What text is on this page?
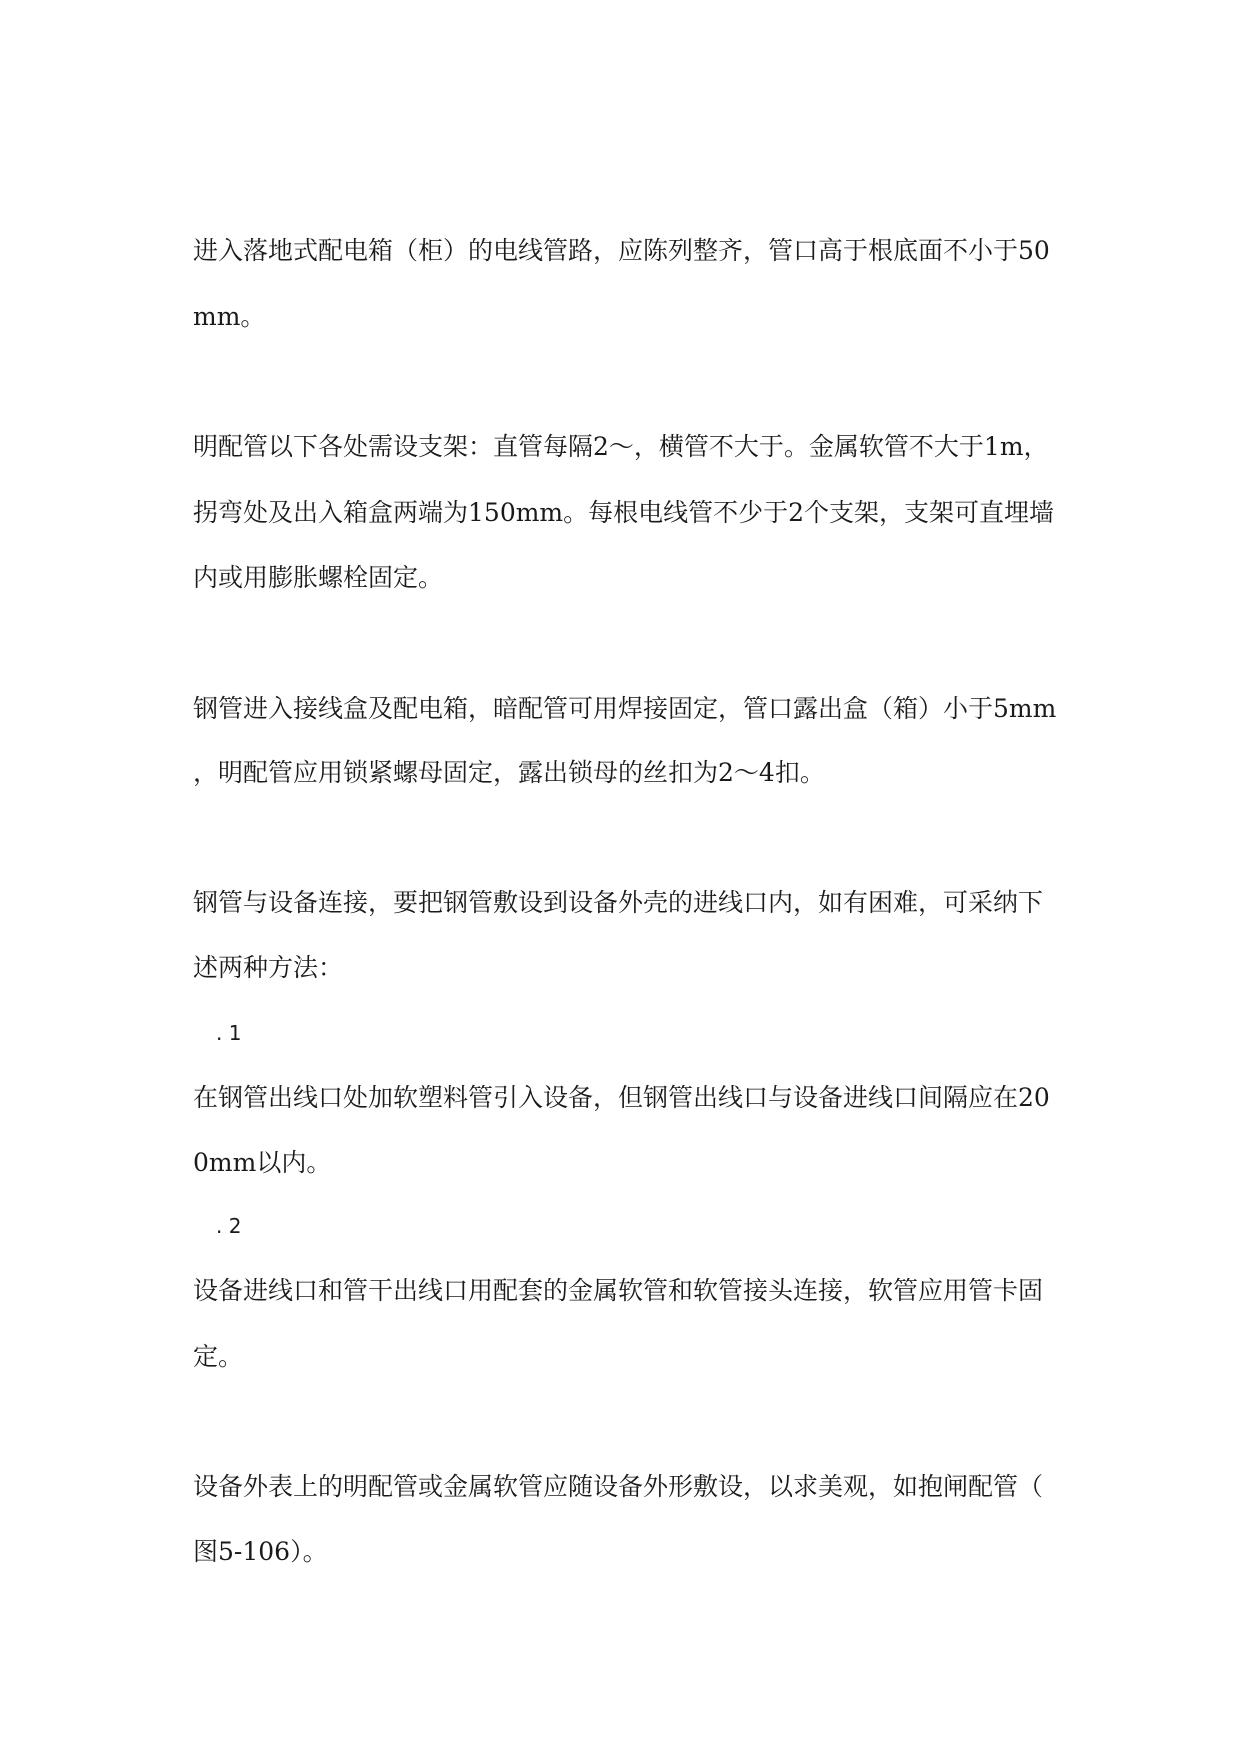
进入落地式配电箱（柜）的电线管路，应陈列整齐，管口高于根底面不小于50

mm。

明配管以下各处需设支架：直管每隔2～，横管不大于。金属软管不大于1m，

拐弯处及出入箱盒两端为150mm。每根电线管不少于2个支架，支架可直埋墙

内或用膨胀螺栓固定。

钢管进入接线盒及配电箱，暗配管可用焊接固定，管口露出盒（箱）小于5mm

，明配管应用锁紧螺母固定，露出锁母的丝扣为2～4扣。

钢管与设备连接，要把钢管敷设到设备外壳的进线口内，如有困难，可采纳下

述两种方法：

. 1

在钢管出线口处加软塑料管引入设备，但钢管出线口与设备进线口间隔应在20

0mm以内。

. 2

设备进线口和管干出线口用配套的金属软管和软管接头连接，软管应用管卡固

定。

设备外表上的明配管或金属软管应随设备外形敷设，以求美观，如抱闸配管（

图5-106）。
